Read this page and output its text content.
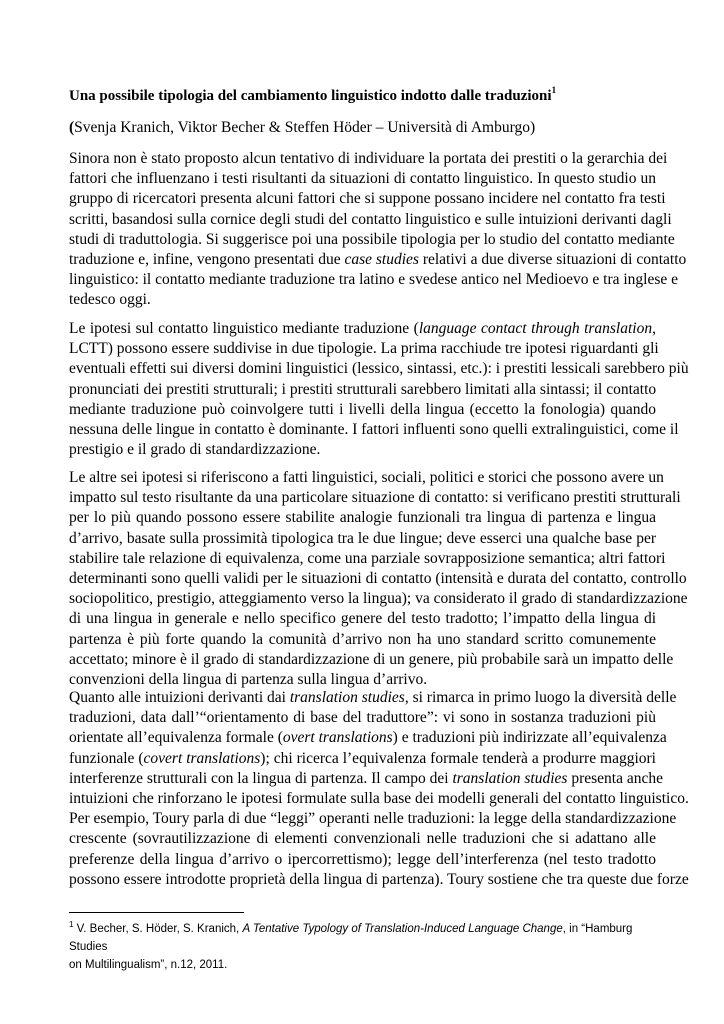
Una possibile tipologia del cambiamento linguistico indotto dalle traduzioni$^1$

(Svenja Kranich, Viktor Becher & Steffen Höder – Università di Amburgo)

Sinora non è stato proposto alcun tentativo di individuare la portata dei prestiti o la gerarchia dei
fattori che influenzano i testi risultanti da situazioni di contatto linguistico. In questo studio un
gruppo di ricercatori presenta alcuni fattori che si suppone possano incidere nel contatto fra testi
scritti, basandosi sulla cornice degli studi del contatto linguistico e sulle intuizioni derivanti dagli
studi di traduttologia. Si suggerisce poi una possibile tipologia per lo studio del contatto mediante
traduzione e, infine, vengono presentati due case studies relativi a due diverse situazioni di contatto
linguistico: il contatto mediante traduzione tra latino e svedese antico nel Medioevo e tra inglese e
tedesco oggi.
Le ipotesi sul contatto linguistico mediante traduzione (language contact through translation,
LCTT) possono essere suddivise in due tipologie. La prima racchiude tre ipotesi riguardanti gli
eventuali effetti sui diversi domini linguistici (lessico, sintassi, etc.): i prestiti lessicali sarebbero più
pronunciati dei prestiti strutturali; i prestiti strutturali sarebbero limitati alla sintassi; il contatto
mediante traduzione può coinvolgere tutti i livelli della lingua (eccetto la fonologia) quando
nessuna delle lingue in contatto è dominante. I fattori influenti sono quelli extralinguistici, come il
prestigio e il grado di standardizzazione.
Le altre sei ipotesi si riferiscono a fatti linguistici, sociali, politici e storici che possono avere un
impatto sul testo risultante da una particolare situazione di contatto: si verificano prestiti strutturali
per lo più quando possono essere stabilite analogie funzionali tra lingua di partenza e lingua
d’arrivo, basate sulla prossimità tipologica tra le due lingue; deve esserci una qualche base per
stabilire tale relazione di equivalenza, come una parziale sovrapposizione semantica; altri fattori
determinanti sono quelli validi per le situazioni di contatto (intensità e durata del contatto, controllo
sociopolitico, prestigio, atteggiamento verso la lingua); va considerato il grado di standardizzazione
di una lingua in generale e nello specifico genere del testo tradotto; l’impatto della lingua di
partenza è più forte quando la comunità d’arrivo non ha uno standard scritto comunemente
accettato; minore è il grado di standardizzazione di un genere, più probabile sarà un impatto delle
convenzioni della lingua di partenza sulla lingua d’arrivo.
Quanto alle intuizioni derivanti dai translation studies, si rimarca in primo luogo la diversità delle
traduzioni, data dall’“orientamento di base del traduttore”: vi sono in sostanza traduzioni più
orientate all’equivalenza formale (overt translations) e traduzioni più indirizzate all’equivalenza
funzionale (covert translations); chi ricerca l’equivalenza formale tenderà a produrre maggiori
interferenze strutturali con la lingua di partenza. Il campo dei translation studies presenta anche
intuizioni che rinforzano le ipotesi formulate sulla base dei modelli generali del contatto linguistico.
Per esempio, Toury parla di due “leggi” operanti nelle traduzioni: la legge della standardizzazione
crescente (sovrautilizzazione di elementi convenzionali nelle traduzioni che si adattano alle
preferenze della lingua d’arrivo o ipercorrettismo); legge dell’interferenza (nel testo tradotto
possono essere introdotte proprietà della lingua di partenza). Toury sostiene che tra queste due forze

$^1$ V. Becher, S. Höder, S. Kranich, A Tentative Typology of Translation-Induced Language Change, in “Hamburg Studies
on Multilingualism”, n.12, 2011.
